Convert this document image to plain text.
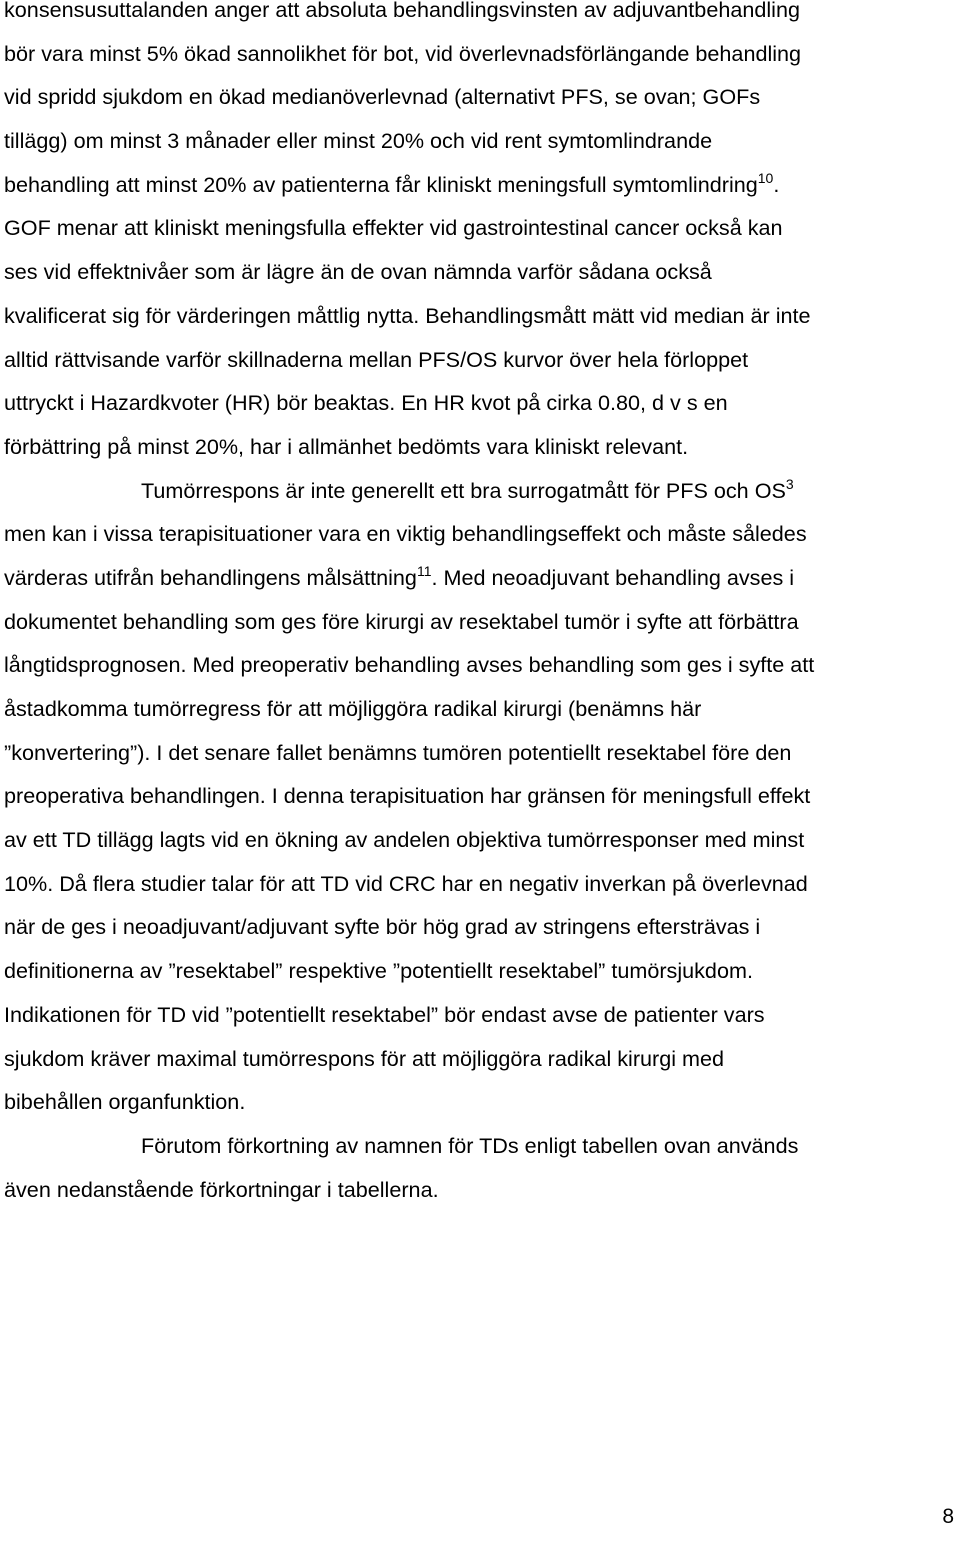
konsensusuttalanden anger att absoluta behandlingsvinsten av adjuvantbehandling
bör vara minst 5% ökad sannolikhet för bot, vid överlevnadsförlängande behandling
vid spridd sjukdom en ökad medianöverlevnad (alternativt PFS, se ovan; GOFs
tillägg) om minst 3 månader eller minst 20% och vid rent symtomlindrande
behandling att minst 20% av patienterna får kliniskt meningsfull symtomlindring$^{10}$.
GOF menar att kliniskt meningsfulla effekter vid gastrointestinal cancer också kan
ses vid effektnivåer som är lägre än de ovan nämnda varför sådana också
kvalificerat sig för värderingen måttlig nytta. Behandlingsmått mätt vid median är inte
alltid rättvisande varför skillnaderna mellan PFS/OS kurvor över hela förloppet
uttryckt i Hazardkvoter (HR) bör beaktas. En HR kvot på cirka 0.80, d v s en
förbättring på minst 20%, har i allmänhet bedömts vara kliniskt relevant.
Tumörrespons är inte generellt ett bra surrogatmått för PFS och $OS^3$
men kan i vissa terapisituationer vara en viktig behandlingseffekt och måste således
värderas utifrån behandlingens målsättning$^{11}$. Med neoadjuvant behandling avses i
dokumentet behandling som ges före kirurgi av resektabel tumör i syfte att förbättra
långtidsprognosen. Med preoperativ behandling avses behandling som ges i syfte att
åstadkomma tumörregress för att möjliggöra radikal kirurgi (benämns här
”konvertering”). I det senare fallet benämns tumören potentiellt resektabel före den
preoperativa behandlingen. I denna terapisituation har gränsen för meningsfull effekt
av ett TD tillägg lagts vid en ökning av andelen objektiva tumörresponser med minst
10%. Då flera studier talar för att TD vid CRC har en negativ inverkan på överlevnad
när de ges i neoadjuvant/adjuvant syfte bör hög grad av stringens eftersträvas i
definitionerna av ”resektabel” respektive ”potentiellt resektabel” tumörsjukdom.
Indikationen för TD vid ”potentiellt resektabel” bör endast avse de patienter vars
sjukdom kräver maximal tumörrespons för att möjliggöra radikal kirurgi med
bibehållen organfunktion.
Förutom förkortning av namnen för TDs enligt tabellen ovan används
även nedanstående förkortningar i tabellerna.
8
